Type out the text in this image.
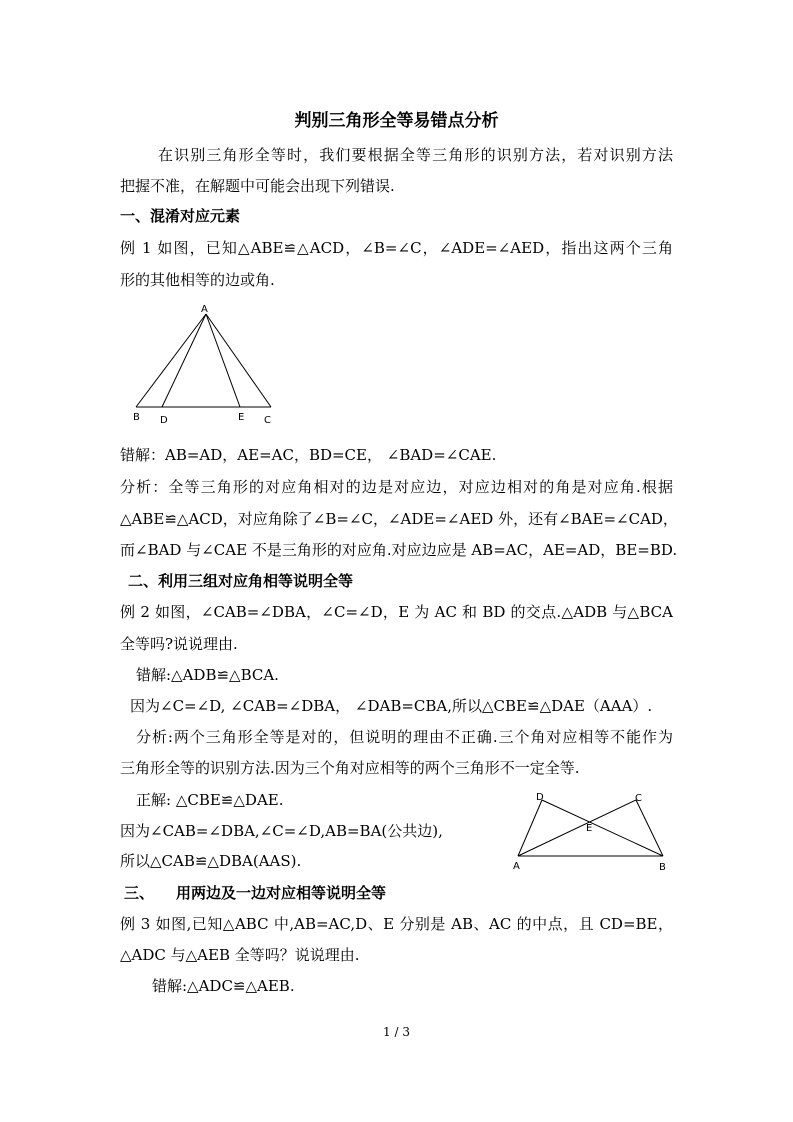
判别三角形全等易错点分析
在识别三角形全等时，我们要根据全等三角形的识别方法，若对识别方法
把握不准，在解题中可能会出现下列错误.
一、混淆对应元素
例 1 如图，已知△ABE≌△ACD，∠B=∠C，∠ADE=∠AED，指出这两个三角
形的其他相等的边或角.
A
B D	E C
错解：AB=AD，AE=AC，BD=CE， ∠BAD=∠CAE.
分析：全等三角形的对应角相对的边是对应边，对应边相对的角是对应角.根据
△ABE≌△ACD，对应角除了∠B=∠C，∠ADE=∠AED 外，还有∠BAE=∠CAD，
而∠BAD 与∠CAE 不是三角形的对应角.对应边应是 AB=AC，AE=AD，BE=BD.
二、利用三组对应角相等说明全等
例 2 如图，∠CAB=∠DBA，∠C=∠D，E 为 AC 和 BD 的交点.△ADB 与△BCA
全等吗?说说理由.
错解:△ADB≌△BCA.
因为∠C=∠D, ∠CAB=∠DBA， ∠DAB=CBA,所以△CBE≌△DAE（AAA）.
分析:两个三角形全等是对的，但说明的理由不正确.三个角对应相等不能作为
三角形全等的识别方法.因为三个角对应相等的两个三角形不一定全等.
正解: △CBE≌△DAE.
因为∠CAB=∠DBA,∠C=∠D,AB=BA(公共边),
所以△CAB≌△DBA(AAS).
D	C
E
A	B
三、 用两边及一边对应相等说明全等
例 3 如图,已知△ABC 中,AB=AC,D、E 分别是 AB、AC 的中点，且 CD=BE，
△ADC 与△AEB 全等吗？说说理由.
错解:△ADC≌△AEB.
1 / 3
